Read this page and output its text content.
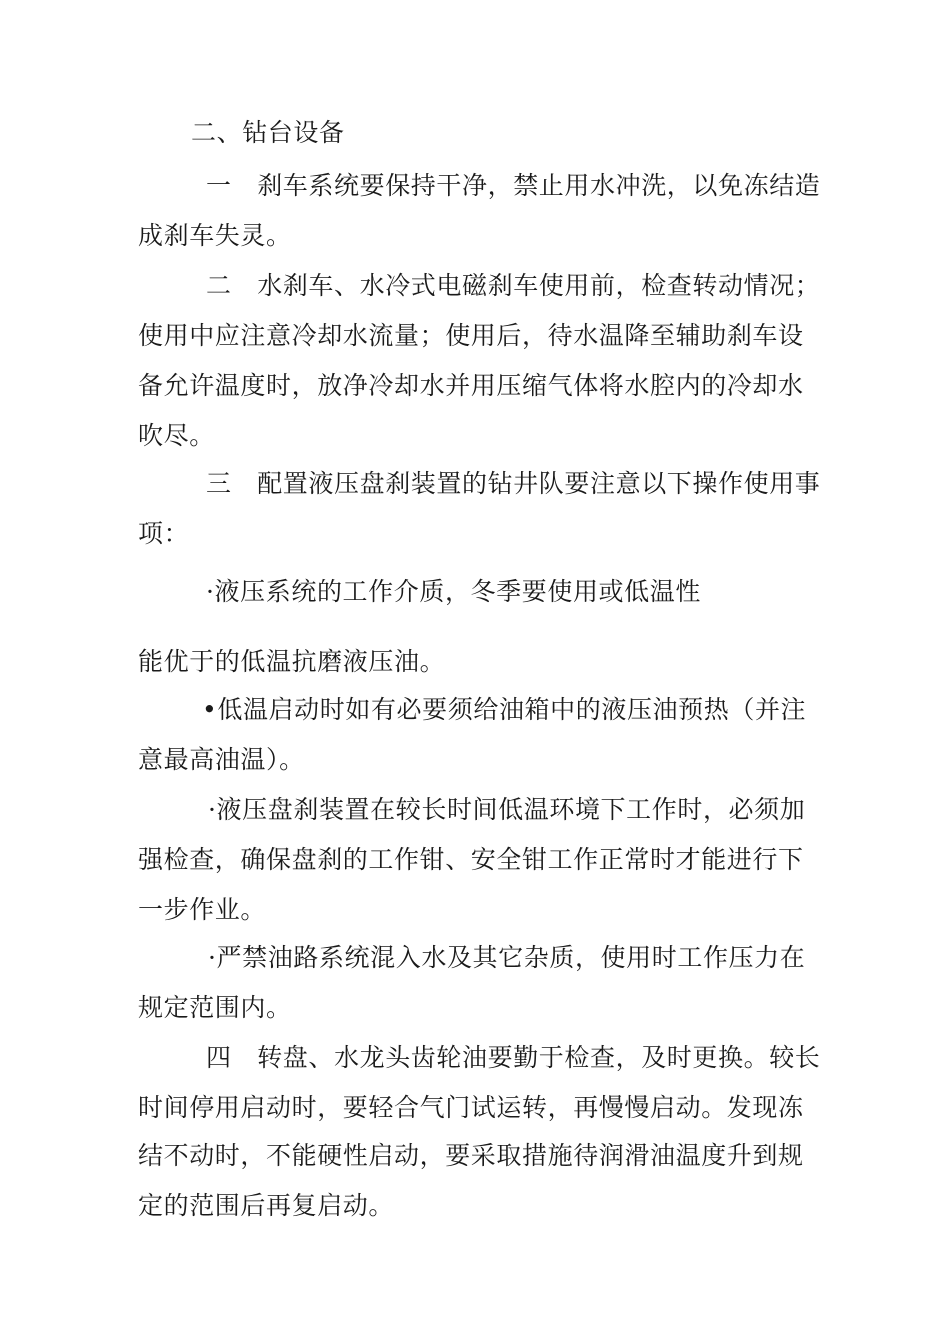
二、钻台设备
一　刹车系统要保持干净，禁止用水冲洗，以免冻结造
成刹车失灵。
二　水刹车、水冷式电磁刹车使用前，检查转动情况；
使用中应注意冷却水流量；使用后，待水温降至辅助刹车设
备允许温度时，放净冷却水并用压缩气体将水腔内的冷却水
吹尽。
三　配置液压盘刹装置的钻井队要注意以下操作使用事
项：
·液压系统的工作介质，冬季要使用或低温性
能优于的低温抗磨液压油。
•低温启动时如有必要须给油箱中的液压油预热（并注
意最高油温）。
·液压盘刹装置在较长时间低温环境下工作时，必须加
强检查，确保盘刹的工作钳、安全钳工作正常时才能进行下
一步作业。
·严禁油路系统混入水及其它杂质，使用时工作压力在
规定范围内。
四　转盘、水龙头齿轮油要勤于检查，及时更换。较长
时间停用启动时，要轻合气门试运转，再慢慢启动。发现冻
结不动时，不能硬性启动，要采取措施待润滑油温度升到规
定的范围后再复启动。
